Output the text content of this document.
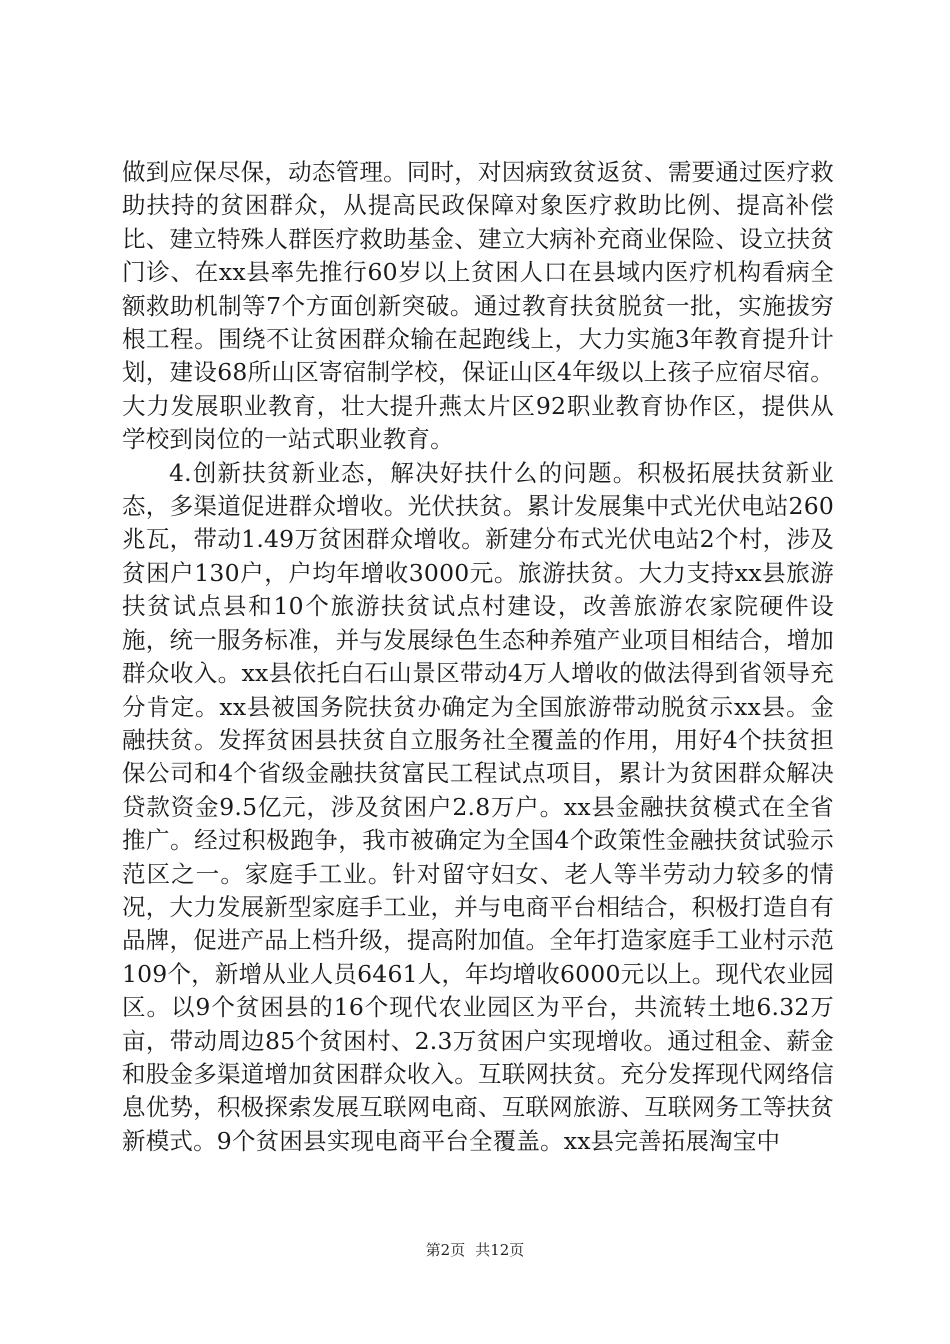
做到应保尽保，动态管理。同时，对因病致贫返贫、需要通过医疗救助扶持的贫困群众，从提高民政保障对象医疗救助比例、提高补偿比、建立特殊人群医疗救助基金、建立大病补充商业保险、设立扶贫门诊、在xx县率先推行60岁以上贫困人口在县域内医疗机构看病全额救助机制等7个方面创新突破。通过教育扶贫脱贫一批，实施拔穷根工程。围绕不让贫困群众输在起跑线上，大力实施3年教育提升计划，建设68所山区寄宿制学校，保证山区4年级以上孩子应宿尽宿。大力发展职业教育，壮大提升燕太片区92职业教育协作区，提供从学校到岗位的一站式职业教育。

4.创新扶贫新业态，解决好扶什么的问题。积极拓展扶贫新业态，多渠道促进群众增收。光伏扶贫。累计发展集中式光伏电站260兆瓦，带动1.49万贫困群众增收。新建分布式光伏电站2个村，涉及贫困户130户，户均年增收3000元。旅游扶贫。大力支持xx县旅游扶贫试点县和10个旅游扶贫试点村建设，改善旅游农家院硬件设施，统一服务标准，并与发展绿色生态种养殖产业项目相结合，增加群众收入。xx县依托白石山景区带动4万人增收的做法得到省领导充分肯定。xx县被国务院扶贫办确定为全国旅游带动脱贫示xx县。金融扶贫。发挥贫困县扶贫自立服务社全覆盖的作用，用好4个扶贫担保公司和4个省级金融扶贫富民工程试点项目，累计为贫困群众解决贷款资金9.5亿元，涉及贫困户2.8万户。xx县金融扶贫模式在全省推广。经过积极跑争，我市被确定为全国4个政策性金融扶贫试验示范区之一。家庭手工业。针对留守妇女、老人等半劳动力较多的情况，大力发展新型家庭手工业，并与电商平台相结合，积极打造自有品牌，促进产品上档升级，提高附加值。全年打造家庭手工业村示范109个，新增从业人员6461人，年均增收6000元以上。现代农业园区。以9个贫困县的16个现代农业园区为平台，共流转土地6.32万亩，带动周边85个贫困村、2.3万贫困户实现增收。通过租金、薪金和股金多渠道增加贫困群众收入。互联网扶贫。充分发挥现代网络信息优势，积极探索发展互联网电商、互联网旅游、互联网务工等扶贫新模式。9个贫困县实现电商平台全覆盖。xx县完善拓展淘宝中

第2页 共12页
